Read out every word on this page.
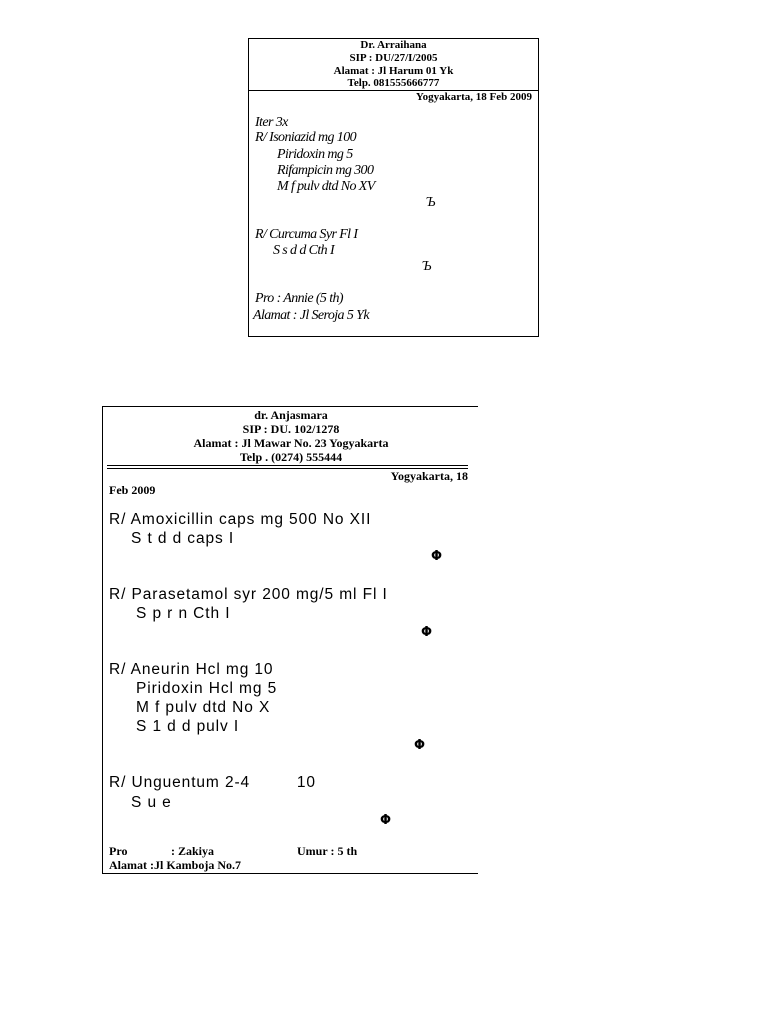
Dr. Arraihana
SIP : DU/27/I/2005
Alamat : Jl Harum 01 Yk
Telp. 081555666777
Yogyakarta, 18 Feb 2009
Iter 3x
R/ Isoniazid mg 100
Piridoxin mg 5
Rifampicin mg 300
M f pulv dtd No XV
Ъ
R/ Curcuma Syr Fl I
S s d d Cth I
Ъ
Pro : Annie (5 th)
Alamat : Jl Seroja 5 Yk
dr. Anjasmara
SIP : DU. 102/1278
Alamat : Jl Mawar No. 23 Yogyakarta
Telp . (0274) 555444
Yogyakarta, 18
Feb 2009
R/ Amoxicillin caps mg 500 No XII
S t d d caps I
Φ
R/ Parasetamol syr 200 mg/5 ml Fl I
S p r n Cth I
Φ
R/ Aneurin Hcl mg 10
Piridoxin Hcl mg 5
M f pulv dtd No X
S 1 d d pulv I
Φ
R/ Unguentum 2-4         10
S u e
Φ
Pro	: Zakiya	Umur : 5 th
Alamat :Jl Kamboja No.7
